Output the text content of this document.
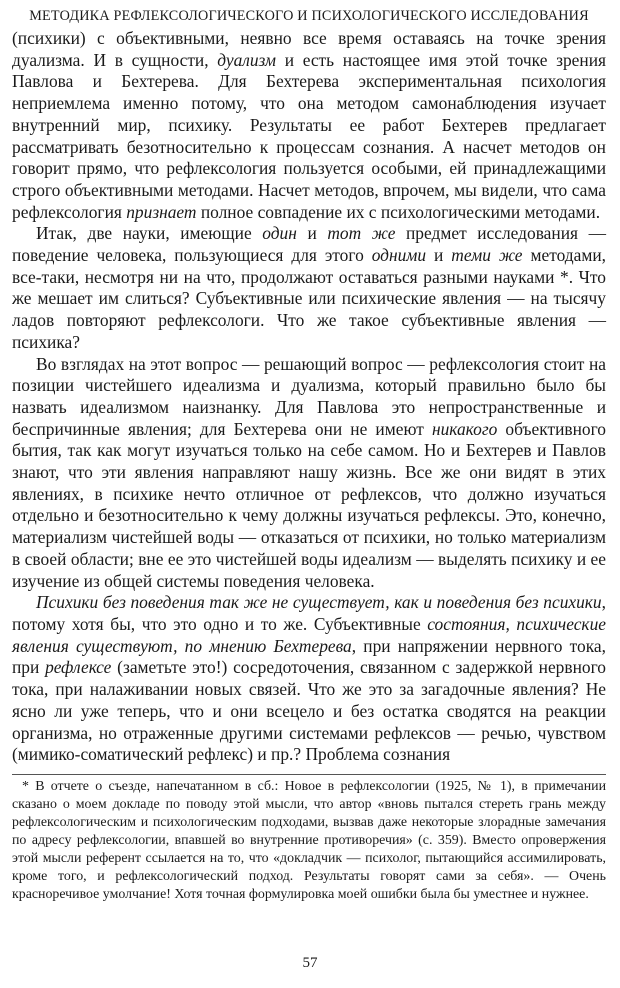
МЕТОДИКА РЕФЛЕКСОЛОГИЧЕСКОГО И ПСИХОЛОГИЧЕСКОГО ИССЛЕДОВАНИЯ

(психики) с объективными, неявно все время оставаясь на точке зрения дуализма. И в сущности, дуализм и есть настоящее имя этой точке зрения Павлова и Бехтерева. Для Бехтерева экспериментальная психология неприемлема именно потому, что она методом самонаблюдения изучает внутренний мир, психику. Результаты ее работ Бехтерев предлагает рассматривать безотносительно к процессам сознания. А насчет методов он говорит прямо, что рефлексология пользуется особыми, ей принадлежащими строго объективными методами. Насчет методов, впрочем, мы видели, что сама рефлексология признает полное совпадение их с психологическими методами.

Итак, две науки, имеющие один и тот же предмет исследования — поведение человека, пользующиеся для этого одними и теми же методами, все-таки, несмотря ни на что, продолжают оставаться разными науками *. Что же мешает им слиться? Субъективные или психические явления — на тысячу ладов повторяют рефлексологи. Что же такое субъективные явления — психика?

Во взглядах на этот вопрос — решающий вопрос — рефлексология стоит на позиции чистейшего идеализма и дуализма, который правильно было бы назвать идеализмом наизнанку. Для Павлова это непространственные и беспричинные явления; для Бехтерева они не имеют никакого объективного бытия, так как могут изучаться только на себе самом. Но и Бехтерев и Павлов знают, что эти явления направляют нашу жизнь. Все же они видят в этих явлениях, в психике нечто отличное от рефлексов, что должно изучаться отдельно и безотносительно к чему должны изучаться рефлексы. Это, конечно, материализм чистейшей воды — отказаться от психики, но только материализм в своей области; вне ее это чистейшей воды идеализм — выделять психику и ее изучение из общей системы поведения человека.

Психики без поведения так же не существует, как и поведения без психики, потому хотя бы, что это одно и то же. Субъективные состояния, психические явления существуют, по мнению Бехтерева, при напряжении нервного тока, при рефлексе (заметьте это!) сосредоточения, связанном с задержкой нервного тока, при налаживании новых связей. Что же это за загадочные явления? Не ясно ли уже теперь, что и они всецело и без остатка сводятся на реакции организма, но отраженные другими системами рефлексов — речью, чувством (мимико-соматический рефлекс) и пр.? Проблема сознания

* В отчете о съезде, напечатанном в сб.: Новое в рефлексологии (1925, № 1), в примечании сказано о моем докладе по поводу этой мысли, что автор «вновь пытался стереть грань между рефлексологическим и психологическим подходами, вызвав даже некоторые злорадные замечания по адресу рефлексологии, впавшей во внутренние противоречия» (с. 359). Вместо опровержения этой мысли референт ссылается на то, что «докладчик — психолог, пытающийся ассимилировать, кроме того, и рефлексологический подход. Результаты говорят сами за себя». — Очень красноречивое умолчание! Хотя точная формулировка моей ошибки была бы уместнее и нужнее.

57
